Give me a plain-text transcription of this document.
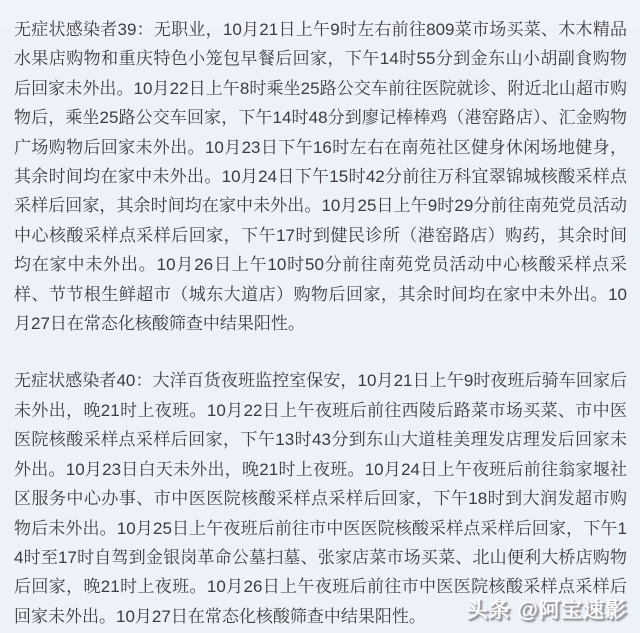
无症状感染者39：无职业，10月21日上午9时左右前往809菜市场买菜、木木精品水果店购物和重庆特色小笼包早餐后回家，下午14时55分到金东山小胡副食购物后回家未外出。10月22日上午8时乘坐25路公交车前往医院就诊、附近北山超市购物后，乘坐25路公交车回家，下午14时48分到廖记棒棒鸡（港窑路店）、汇金购物广场购物后回家未外出。10月23日下午16时左右在南苑社区健身休闲场地健身，其余时间均在家中未外出。10月24日下午15时42分前往万科宜翠锦城核酸采样点采样后回家，其余时间均在家中未外出。10月25日上午9时29分前往南苑党员活动中心核酸采样点采样后回家，下午17时到健民诊所（港窑路店）购药，其余时间均在家中未外出。10月26日上午10时50分前往南苑党员活动中心核酸采样点采样、节节根生鲜超市（城东大道店）购物后回家，其余时间均在家中未外出。10月27日在常态化核酸筛查中结果阳性。

无症状感染者40：大洋百货夜班监控室保安，10月21日上午9时夜班后骑车回家后未外出，晚21时上夜班。10月22日上午夜班后前往西陵后路菜市场买菜、市中医医院核酸采样点采样后回家，下午13时43分到东山大道桂美理发店理发后回家未外出。10月23日白天未外出，晚21时上夜班。10月24日上午夜班后前往翁家堰社区服务中心办事、市中医医院核酸采样点采样后回家，下午18时到大润发超市购物后未外出。10月25日上午夜班后前往市中医医院核酸采样点采样后回家，下午14时至17时自驾到金银岗革命公墓扫墓、张家店菜市场买菜、北山便利大桥店购物后回家，晚21时上夜班。10月26日上午夜班后前往市中医医院核酸采样点采样后回家未外出。10月27日在常态化核酸筛查中结果阳性。	头条 @阿宝速影
